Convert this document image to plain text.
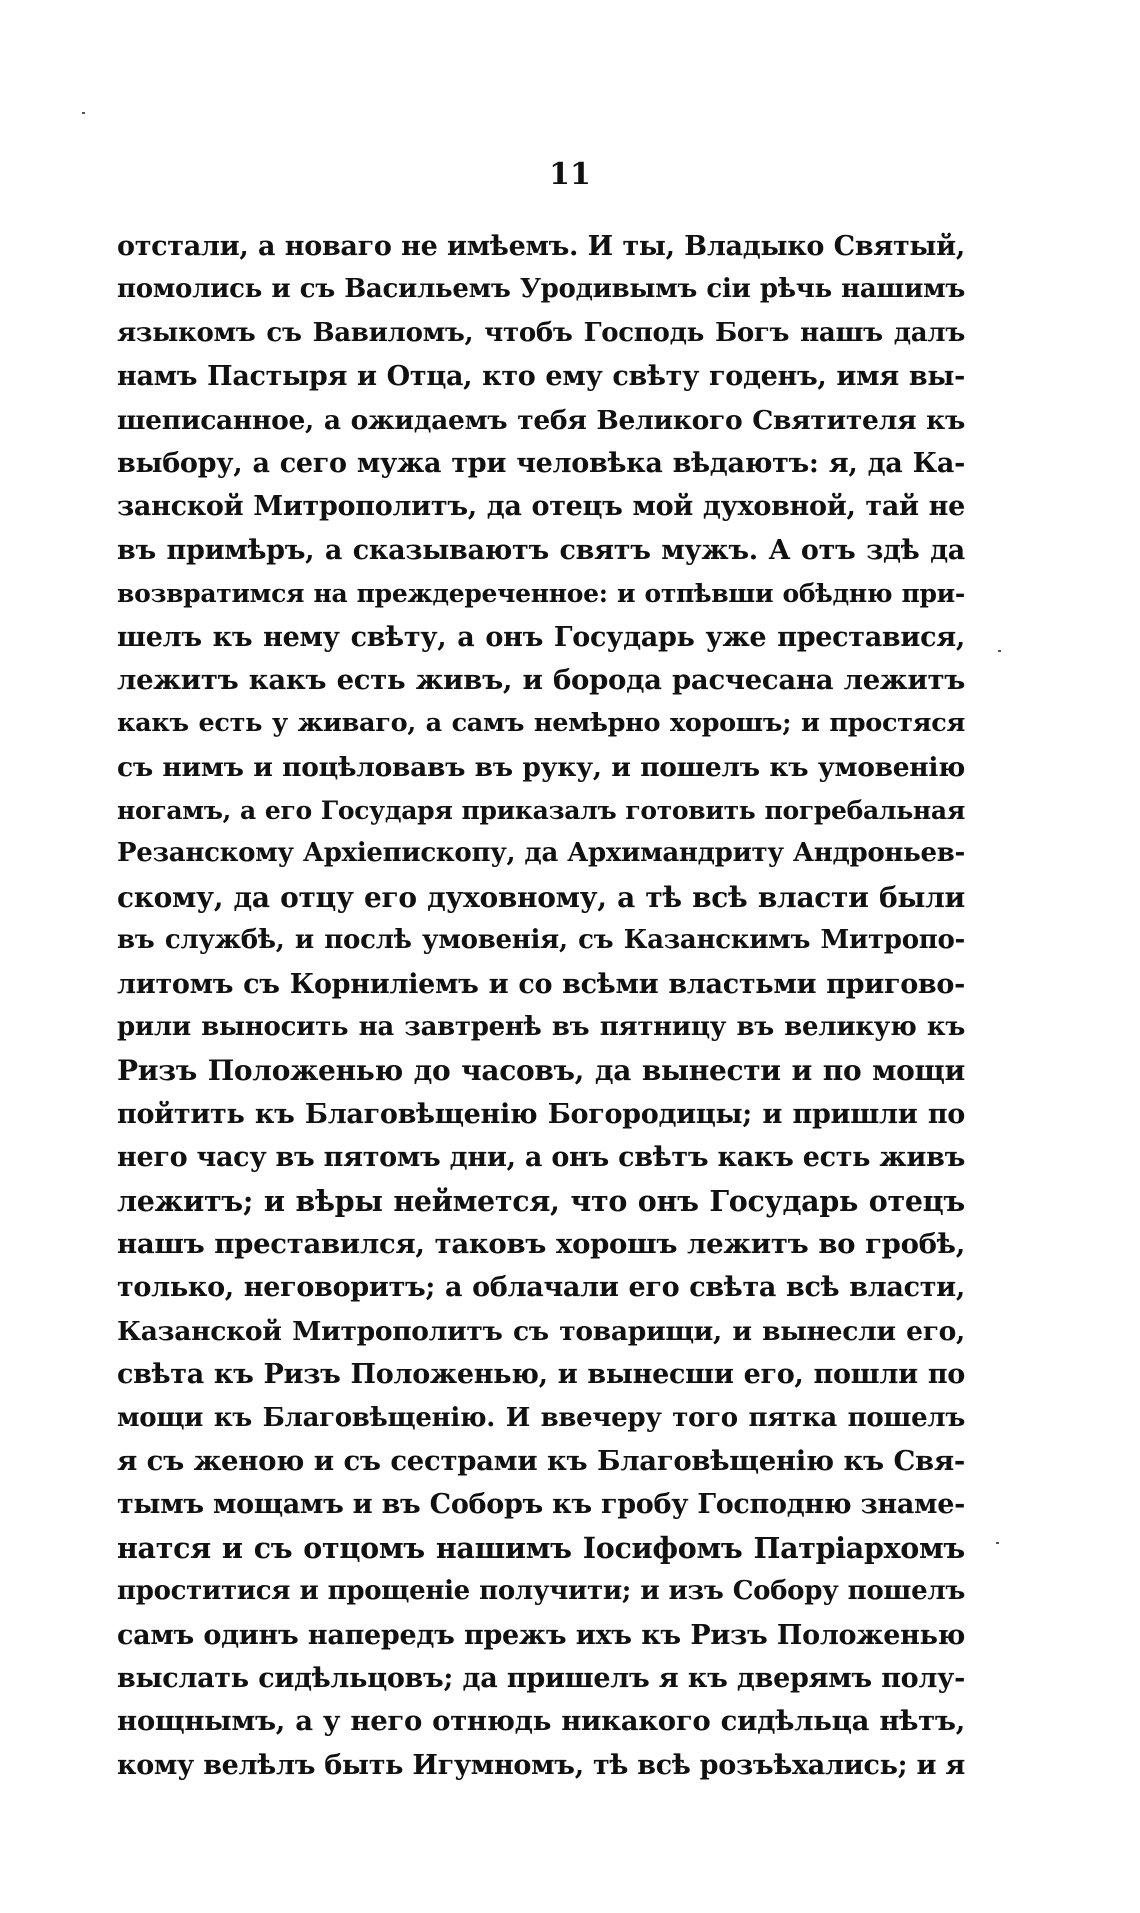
11
отстали, а новаго не имѣемъ. И ты, Владыко Святый,
помолись и съ Васильемъ Уродивымъ сіи рѣчь нашимъ
языкомъ съ Вавиломъ, чтобъ Господь Богъ нашъ далъ
намъ Пастыря и Отца, кто ему свѣту годенъ, имя вы-
шеписанное, а ожидаемъ тебя Великого Святителя къ
выбору, а сего мужа три человѣка вѣдаютъ: я, да Ка-
занской Митрополитъ, да отецъ мой духовной, тай не
въ примѣръ, а сказываютъ святъ мужъ. А отъ здѣ да
возвратимся на преждереченное: и отпѣвши обѣдню при-
шелъ къ нему свѣту, а онъ Государь уже преставися,
лежитъ какъ есть живъ, и борода расчесана лежитъ
какъ есть у живаго, а самъ немѣрно хорошъ; и простяся
съ нимъ и поцѣловавъ въ руку, и пошелъ къ умовенію
ногамъ, а его Государя приказалъ готовить погребальная
Резанскому Архіепископу, да Архимандриту Андроньев-
скому, да отцу его духовному, а тѣ всѣ власти были
въ службѣ, и послѣ умовенія, съ Казанскимъ Митропо-
литомъ съ Корниліемъ и со всѣми властьми пригово-
рили выносить на завтренѣ въ пятницу въ великую къ
Ризъ Положенью до часовъ, да вынести и по мощи
пойтить къ Благовѣщенію Богородицы; и пришли по
него часу въ пятомъ дни, а онъ свѣтъ какъ есть живъ
лежитъ; и вѣры неймется, что онъ Государь отецъ
нашъ преставился, таковъ хорошъ лежитъ во гробѣ,
только, неговоритъ; а облачали его свѣта всѣ власти,
Казанской Митрополитъ съ товарищи, и вынесли его,
свѣта къ Ризъ Положенью, и вынесши его, пошли по
мощи къ Благовѣщенію. И ввечеру того пятка пошелъ
я съ женою и съ сестрами къ Благовѣщенію къ Свя-
тымъ мощамъ и въ Соборъ къ гробу Господню знаме-
натся и съ отцомъ нашимъ Іосифомъ Патріархомъ
проститися и прощеніе получити; и изъ Собору пошелъ
самъ одинъ напередъ прежъ ихъ къ Ризъ Положенью
выслать сидѣльцовъ; да пришелъ я къ дверямъ полу-
нощнымъ, а у него отнюдь никакого сидѣльца нѣтъ,
кому велѣлъ быть Игумномъ, тѣ всѣ розъѣхались; и я
